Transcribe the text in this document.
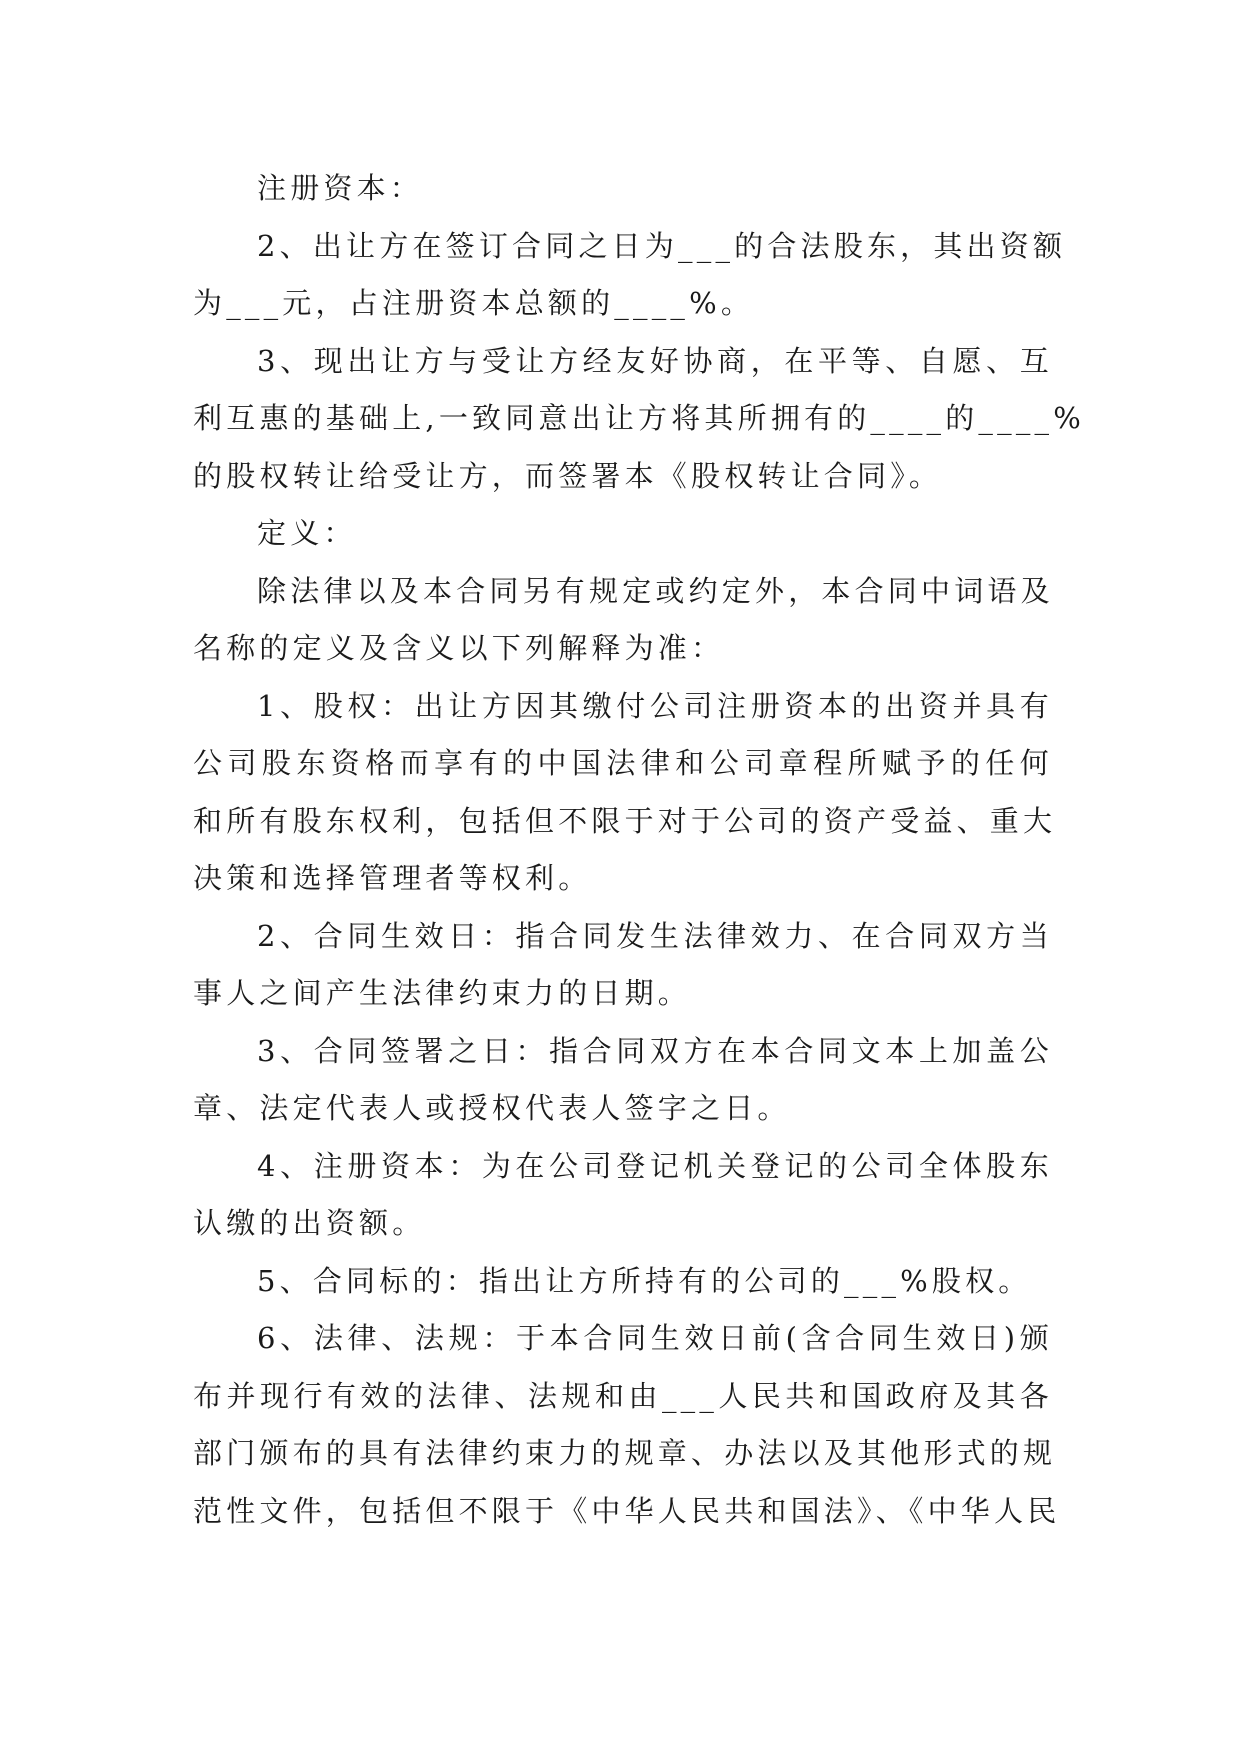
注册资本：

2、出让方在签订合同之日为___的合法股东，其出资额
为___元，占注册资本总额的____%。

3、现出让方与受让方经友好协商，在平等、自愿、互
利互惠的基础上,一致同意出让方将其所拥有的____的____%
的股权转让给受让方，而签署本《股权转让合同》。

定义：

除法律以及本合同另有规定或约定外，本合同中词语及
名称的定义及含义以下列解释为准：

1、股权：出让方因其缴付公司注册资本的出资并具有
公司股东资格而享有的中国法律和公司章程所赋予的任何
和所有股东权利，包括但不限于对于公司的资产受益、重大
决策和选择管理者等权利。

2、合同生效日：指合同发生法律效力、在合同双方当
事人之间产生法律约束力的日期。

3、合同签署之日：指合同双方在本合同文本上加盖公
章、法定代表人或授权代表人签字之日。

4、注册资本：为在公司登记机关登记的公司全体股东
认缴的出资额。

5、合同标的：指出让方所持有的公司的___%股权。

6、法律、法规：于本合同生效日前(含合同生效日)颁
布并现行有效的法律、法规和由___人民共和国政府及其各
部门颁布的具有法律约束力的规章、办法以及其他形式的规
范性文件，包括但不限于《中华人民共和国法》、《中华人民
